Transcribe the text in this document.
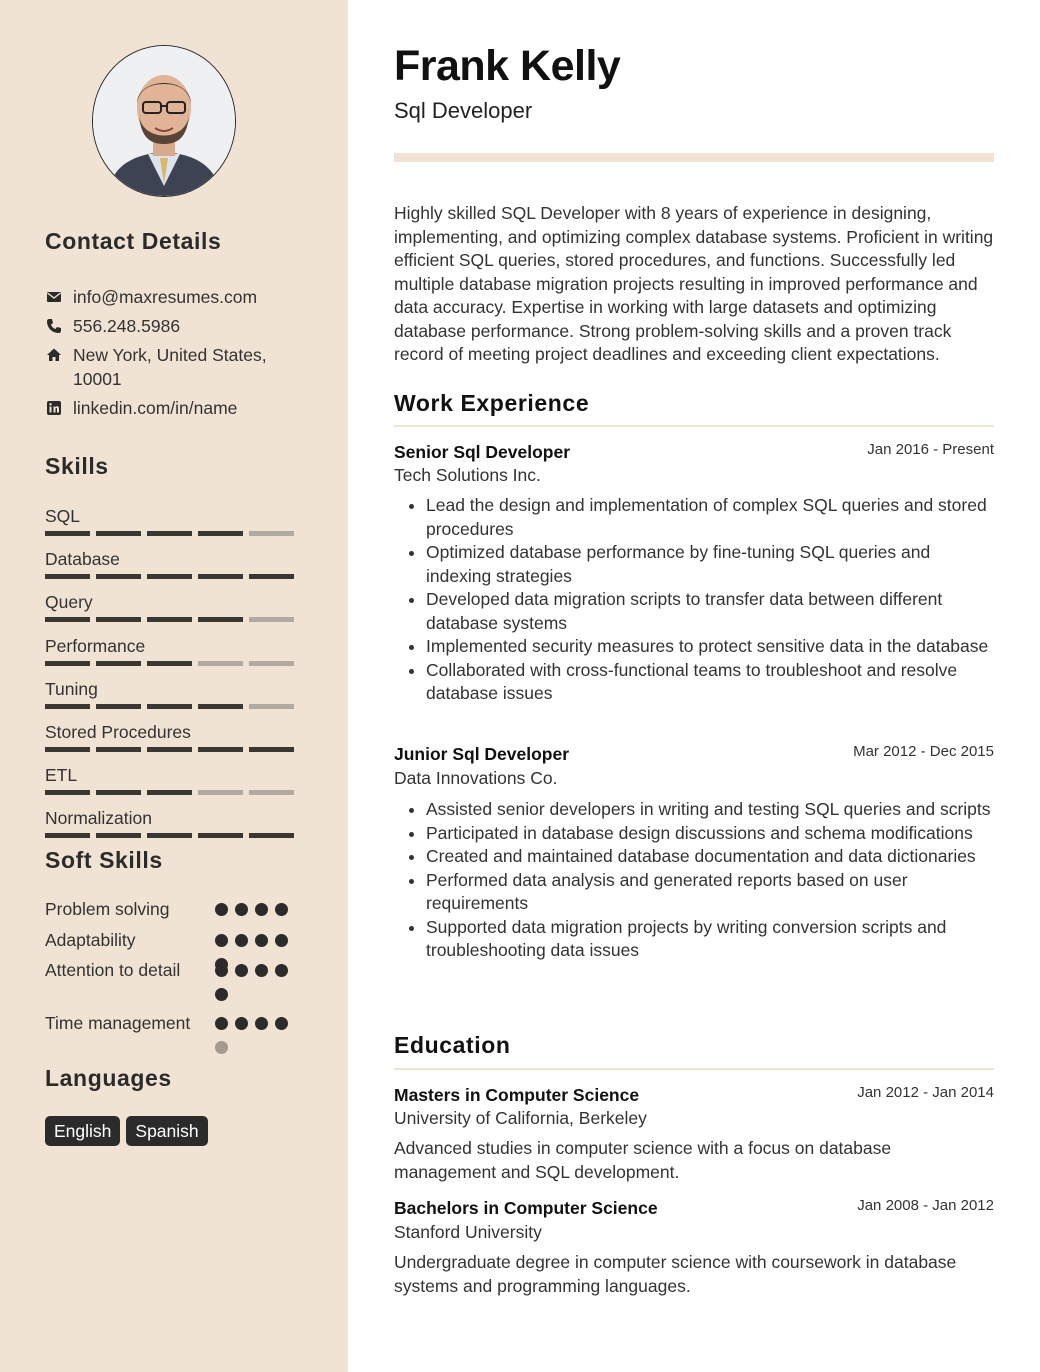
Contact Details
info@maxresumes.com
556.248.5986
New York, United States, 10001
linkedin.com/in/name
Skills
SQL
Database
Query
Performance
Tuning
Stored Procedures
ETL
Normalization
Soft Skills
Problem solving
Adaptability
Attention to detail
Time management
Languages
English	Spanish
Frank Kelly
Sql Developer

Highly skilled SQL Developer with 8 years of experience in designing, implementing, and optimizing complex database systems. Proficient in writing efficient SQL queries, stored procedures, and functions. Successfully led multiple database migration projects resulting in improved performance and data accuracy. Expertise in working with large datasets and optimizing database performance. Strong problem-solving skills and a proven track record of meeting project deadlines and exceeding client expectations.

Work Experience
Senior Sql Developer	Jan 2016 - Present
Tech Solutions Inc.
• Lead the design and implementation of complex SQL queries and stored procedures
• Optimized database performance by fine-tuning SQL queries and indexing strategies
• Developed data migration scripts to transfer data between different database systems
• Implemented security measures to protect sensitive data in the database
• Collaborated with cross-functional teams to troubleshoot and resolve database issues
Junior Sql Developer	Mar 2012 - Dec 2015
Data Innovations Co.
• Assisted senior developers in writing and testing SQL queries and scripts
• Participated in database design discussions and schema modifications
• Created and maintained database documentation and data dictionaries
• Performed data analysis and generated reports based on user requirements
• Supported data migration projects by writing conversion scripts and troubleshooting data issues
Education
Masters in Computer Science	Jan 2012 - Jan 2014
University of California, Berkeley

Advanced studies in computer science with a focus on database management and SQL development.

Bachelors in Computer Science	Jan 2008 - Jan 2012
Stanford University

Undergraduate degree in computer science with coursework in database systems and programming languages.
